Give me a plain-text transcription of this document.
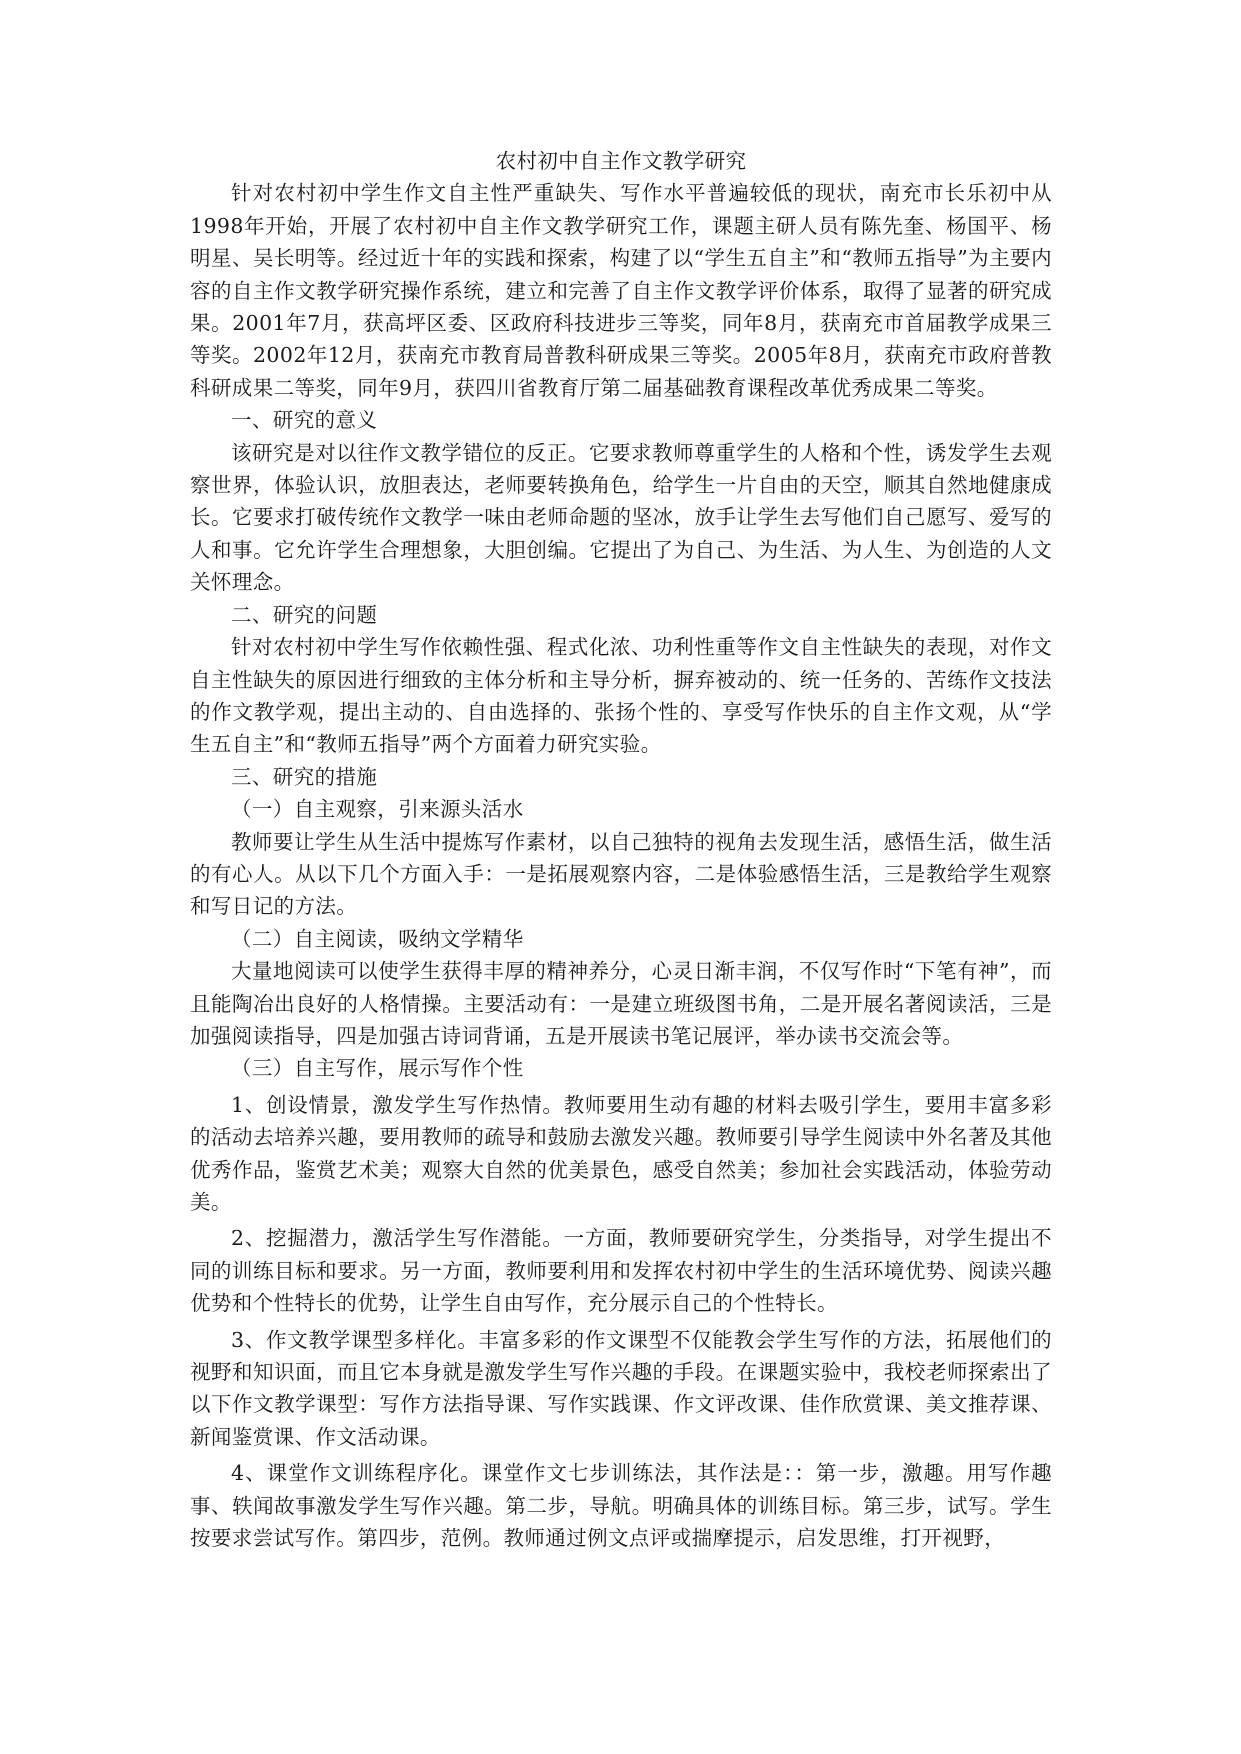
农村初中自主作文教学研究

针对农村初中学生作文自主性严重缺失、写作水平普遍较低的现状，南充市长乐初中从1998年开始，开展了农村初中自主作文教学研究工作，课题主研人员有陈先奎、杨国平、杨明星、吴长明等。经过近十年的实践和探索，构建了以“学生五自主”和“教师五指导”为主要内容的自主作文教学研究操作系统，建立和完善了自主作文教学评价体系，取得了显著的研究成果。2001年7月，获高坪区委、区政府科技进步三等奖，同年8月，获南充市首届教学成果三等奖。2002年12月，获南充市教育局普教科研成果三等奖。2005年8月，获南充市政府普教科研成果二等奖，同年9月，获四川省教育厅第二届基础教育课程改革优秀成果二等奖。

一、研究的意义

该研究是对以往作文教学错位的反正。它要求教师尊重学生的人格和个性，诱发学生去观察世界，体验认识，放胆表达，老师要转换角色，给学生一片自由的天空，顺其自然地健康成长。它要求打破传统作文教学一味由老师命题的坚冰，放手让学生去写他们自己愿写、爱写的人和事。它允许学生合理想象，大胆创编。它提出了为自己、为生活、为人生、为创造的人文关怀理念。

二、研究的问题

针对农村初中学生写作依赖性强、程式化浓、功利性重等作文自主性缺失的表现，对作文自主性缺失的原因进行细致的主体分析和主导分析，摒弃被动的、统一任务的、苦练作文技法的作文教学观，提出主动的、自由选择的、张扬个性的、享受写作快乐的自主作文观，从“学生五自主”和“教师五指导”两个方面着力研究实验。

三、研究的措施

（一）自主观察，引来源头活水

教师要让学生从生活中提炼写作素材，以自己独特的视角去发现生活，感悟生活，做生活的有心人。从以下几个方面入手：一是拓展观察内容，二是体验感悟生活，三是教给学生观察和写日记的方法。

（二）自主阅读，吸纳文学精华

大量地阅读可以使学生获得丰厚的精神养分，心灵日渐丰润，不仅写作时“下笔有神”，而且能陶冶出良好的人格情操。主要活动有：一是建立班级图书角，二是开展名著阅读活，三是加强阅读指导，四是加强古诗词背诵，五是开展读书笔记展评，举办读书交流会等。

（三）自主写作，展示写作个性

1、创设情景，激发学生写作热情。教师要用生动有趣的材料去吸引学生，要用丰富多彩的活动去培养兴趣，要用教师的疏导和鼓励去激发兴趣。教师要引导学生阅读中外名著及其他优秀作品，鉴赏艺术美；观察大自然的优美景色，感受自然美；参加社会实践活动，体验劳动美。

2、挖掘潜力，激活学生写作潜能。一方面，教师要研究学生，分类指导，对学生提出不同的训练目标和要求。另一方面，教师要利用和发挥农村初中学生的生活环境优势、阅读兴趣优势和个性特长的优势，让学生自由写作，充分展示自己的个性特长。

3、作文教学课型多样化。丰富多彩的作文课型不仅能教会学生写作的方法，拓展他们的视野和知识面，而且它本身就是激发学生写作兴趣的手段。在课题实验中，我校老师探索出了以下作文教学课型：写作方法指导课、写作实践课、作文评改课、佳作欣赏课、美文推荐课、新闻鉴赏课、作文活动课。

4、课堂作文训练程序化。课堂作文七步训练法，其作法是：：第一步，激趣。用写作趣事、轶闻故事激发学生写作兴趣。第二步，导航。明确具体的训练目标。第三步，试写。学生按要求尝试写作。第四步，范例。教师通过例文点评或揣摩提示，启发思维，打开视野，
